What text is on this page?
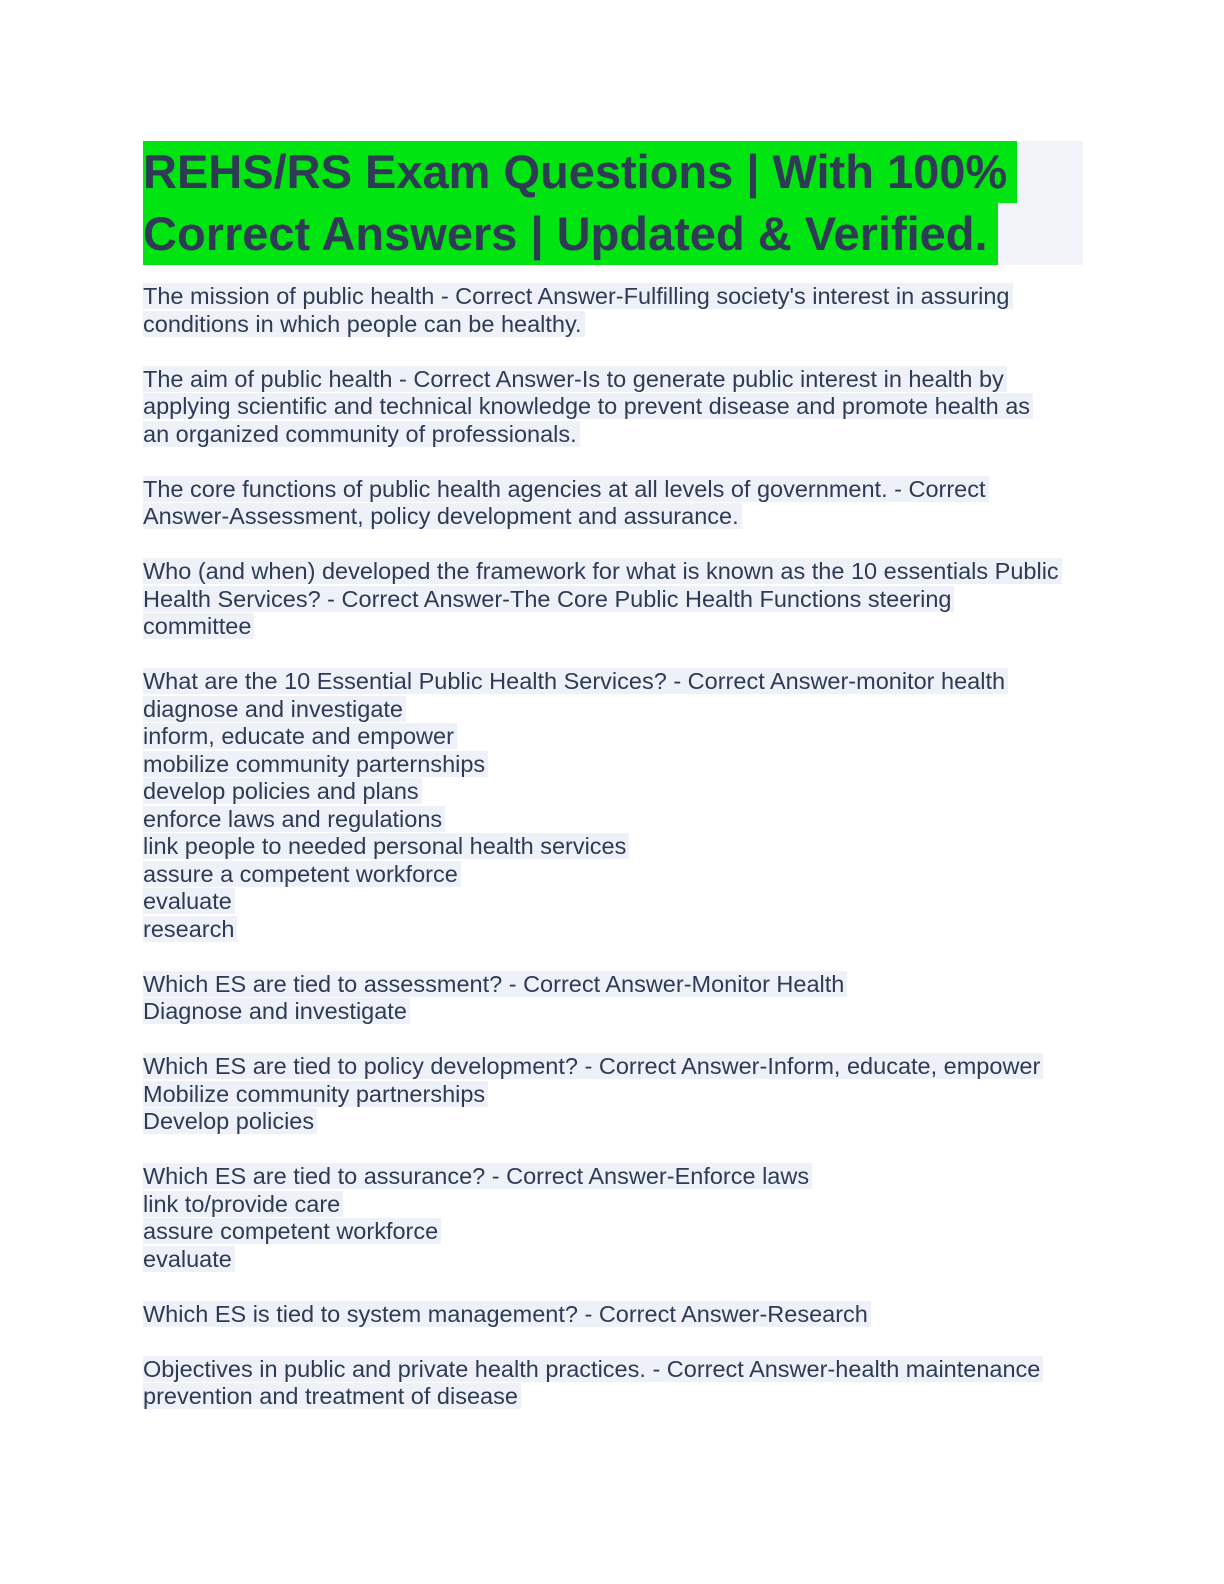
REHS/RS Exam Questions | With 100%
Correct Answers | Updated & Verified.
The mission of public health - Correct Answer-Fulfilling society's interest in assuring
conditions in which people can be healthy.
The aim of public health - Correct Answer-Is to generate public interest in health by
applying scientific and technical knowledge to prevent disease and promote health as
an organized community of professionals.
The core functions of public health agencies at all levels of government. - Correct
Answer-Assessment, policy development and assurance.
Who (and when) developed the framework for what is known as the 10 essentials Public
Health Services? - Correct Answer-The Core Public Health Functions steering
committee
What are the 10 Essential Public Health Services? - Correct Answer-monitor health
diagnose and investigate
inform, educate and empower
mobilize community parternships
develop policies and plans
enforce laws and regulations
link people to needed personal health services
assure a competent workforce
evaluate
research
Which ES are tied to assessment? - Correct Answer-Monitor Health
Diagnose and investigate
Which ES are tied to policy development? - Correct Answer-Inform, educate, empower
Mobilize community partnerships
Develop policies
Which ES are tied to assurance? - Correct Answer-Enforce laws
link to/provide care
assure competent workforce
evaluate
Which ES is tied to system management? - Correct Answer-Research
Objectives in public and private health practices. - Correct Answer-health maintenance
prevention and treatment of disease
